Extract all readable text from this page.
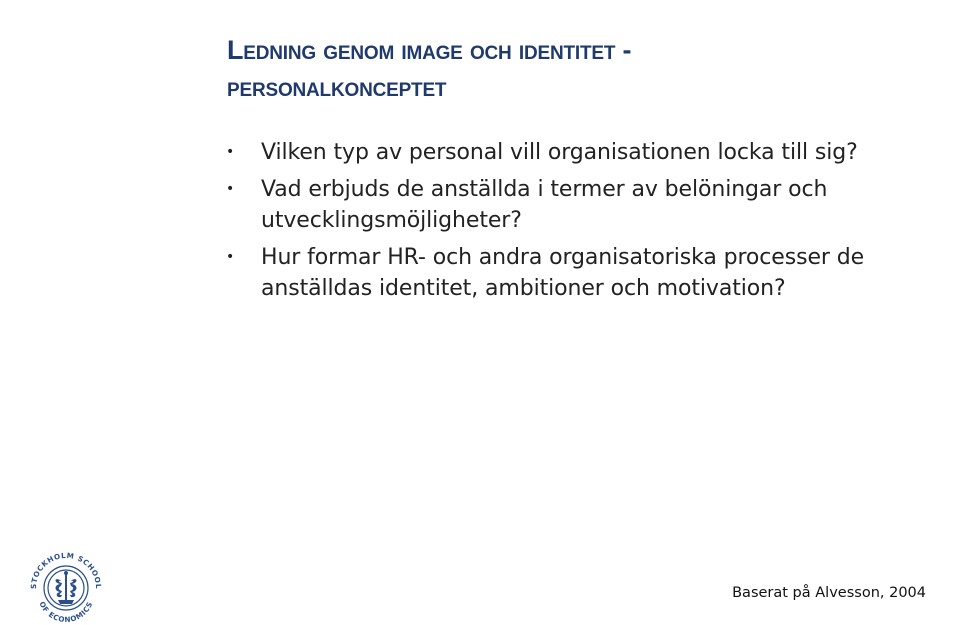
Ledning genom image och identitet -
personalkonceptet
• Vilken typ av personal vill organisationen locka till sig?
• Vad erbjuds de anställda i termer av belöningar och utvecklingsmöjligheter?
• Hur formar HR- och andra organisatoriska processer de anställdas identitet, ambitioner och motivation?
STOCKHOLM SCHOOL
OF ECONOMICS
Baserat på Alvesson, 2004
